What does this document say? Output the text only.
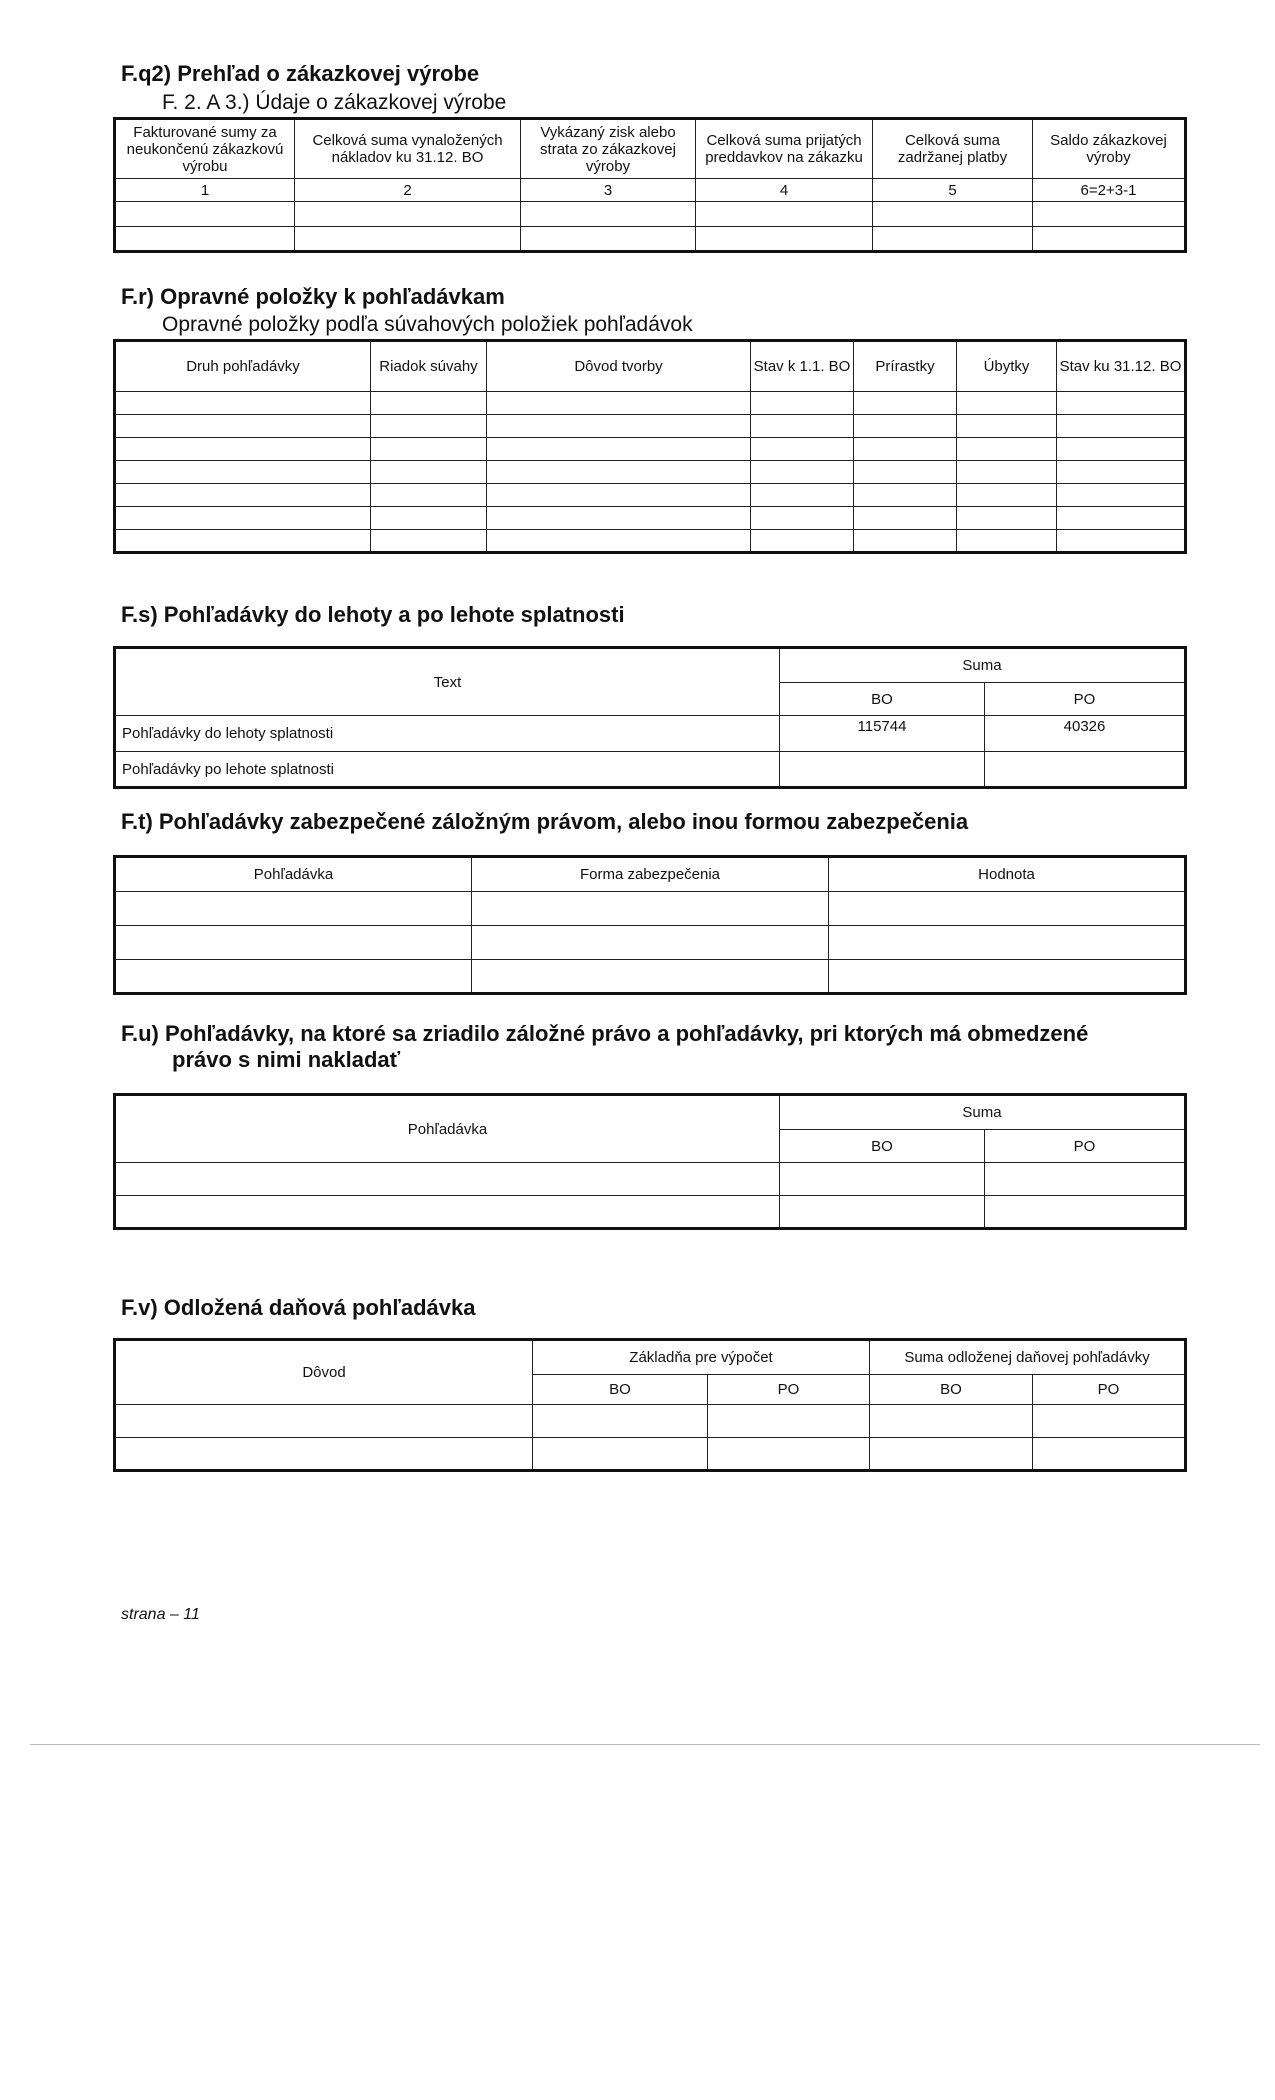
F.q2) Prehľad o zákazkovej výrobe
F. 2. A 3.) Údaje o zákazkovej výrobe
Fakturované sumy za neukončenú zákazkovú výrobu	Celková suma vynaložených nákladov ku 31.12. BO	Vykázaný zisk alebo strata zo zákazkovej výroby	Celková suma prijatých preddavkov na zákazku	Celková suma zadržanej platby	Saldo zákazkovej výroby
1	2	3	4	5	6=2+3-1

F.r) Opravné položky k pohľadávkam
Opravné položky podľa súvahových položiek pohľadávok
Druh pohľadávky	Riadok súvahy	Dôvod tvorby	Stav k 1.1. BO	Prírastky	Úbytky	Stav ku 31.12. BO

F.s) Pohľadávky do lehoty a po lehote splatnosti
Text	Suma	
	BO	PO
Pohľadávky do lehoty splatnosti	115744	40326
Pohľadávky po lehote splatnosti		
F.t) Pohľadávky zabezpečené záložným právom, alebo inou formou zabezpečenia
Pohľadávka	Forma zabezpečenia	Hodnota

F.u) Pohľadávky, na ktoré sa zriadilo záložné právo a pohľadávky, pri ktorých má obmedzené
právo s nimi nakladať
Pohľadávka	Suma	
	BO	PO

F.v) Odložená daňová pohľadávka
Dôvod	Základňa pre výpočet		Suma odloženej daňovej pohľadávky	
	BO	PO	BO	PO

strana – 11
